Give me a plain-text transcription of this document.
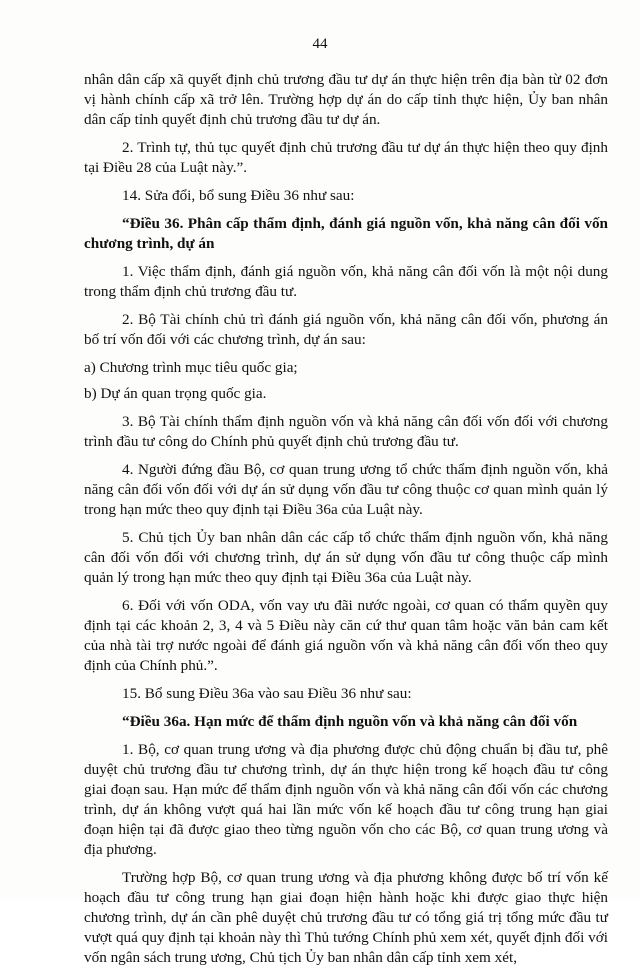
44

nhân dân cấp xã quyết định chủ trương đầu tư dự án thực hiện trên địa bàn từ 02 đơn vị hành chính cấp xã trở lên. Trường hợp dự án do cấp tỉnh thực hiện, Ủy ban nhân dân cấp tỉnh quyết định chủ trương đầu tư dự án.

2. Trình tự, thủ tục quyết định chủ trương đầu tư dự án thực hiện theo quy định tại Điều 28 của Luật này.”.

14. Sửa đổi, bổ sung Điều 36 như sau:

“Điều 36. Phân cấp thẩm định, đánh giá nguồn vốn, khả năng cân đối vốn chương trình, dự án

1. Việc thẩm định, đánh giá nguồn vốn, khả năng cân đối vốn là một nội dung trong thẩm định chủ trương đầu tư.

2. Bộ Tài chính chủ trì đánh giá nguồn vốn, khả năng cân đối vốn, phương án bố trí vốn đối với các chương trình, dự án sau:

a) Chương trình mục tiêu quốc gia;

b) Dự án quan trọng quốc gia.

3. Bộ Tài chính thẩm định nguồn vốn và khả năng cân đối vốn đối với chương trình đầu tư công do Chính phủ quyết định chủ trương đầu tư.

4. Người đứng đầu Bộ, cơ quan trung ương tổ chức thẩm định nguồn vốn, khả năng cân đối vốn đối với dự án sử dụng vốn đầu tư công thuộc cơ quan mình quản lý trong hạn mức theo quy định tại Điều 36a của Luật này.

5. Chủ tịch Ủy ban nhân dân các cấp tổ chức thẩm định nguồn vốn, khả năng cân đối vốn đối với chương trình, dự án sử dụng vốn đầu tư công thuộc cấp mình quản lý trong hạn mức theo quy định tại Điều 36a của Luật này.

6. Đối với vốn ODA, vốn vay ưu đãi nước ngoài, cơ quan có thẩm quyền quy định tại các khoản 2, 3, 4 và 5 Điều này căn cứ thư quan tâm hoặc văn bản cam kết của nhà tài trợ nước ngoài để đánh giá nguồn vốn và khả năng cân đối vốn theo quy định của Chính phủ.”.

15. Bổ sung Điều 36a vào sau Điều 36 như sau:

“Điều 36a. Hạn mức để thẩm định nguồn vốn và khả năng cân đối vốn

1. Bộ, cơ quan trung ương và địa phương được chủ động chuẩn bị đầu tư, phê duyệt chủ trương đầu tư chương trình, dự án thực hiện trong kế hoạch đầu tư công giai đoạn sau. Hạn mức để thẩm định nguồn vốn và khả năng cân đối vốn các chương trình, dự án không vượt quá hai lần mức vốn kế hoạch đầu tư công trung hạn giai đoạn hiện tại đã được giao theo từng nguồn vốn cho các Bộ, cơ quan trung ương và địa phương.

Trường hợp Bộ, cơ quan trung ương và địa phương không được bố trí vốn kế hoạch đầu tư công trung hạn giai đoạn hiện hành hoặc khi được giao thực hiện chương trình, dự án cần phê duyệt chủ trương đầu tư có tổng giá trị tổng mức đầu tư vượt quá quy định tại khoản này thì Thủ tướng Chính phủ xem xét, quyết định đối với vốn ngân sách trung ương, Chủ tịch Ủy ban nhân dân cấp tỉnh xem xét,
